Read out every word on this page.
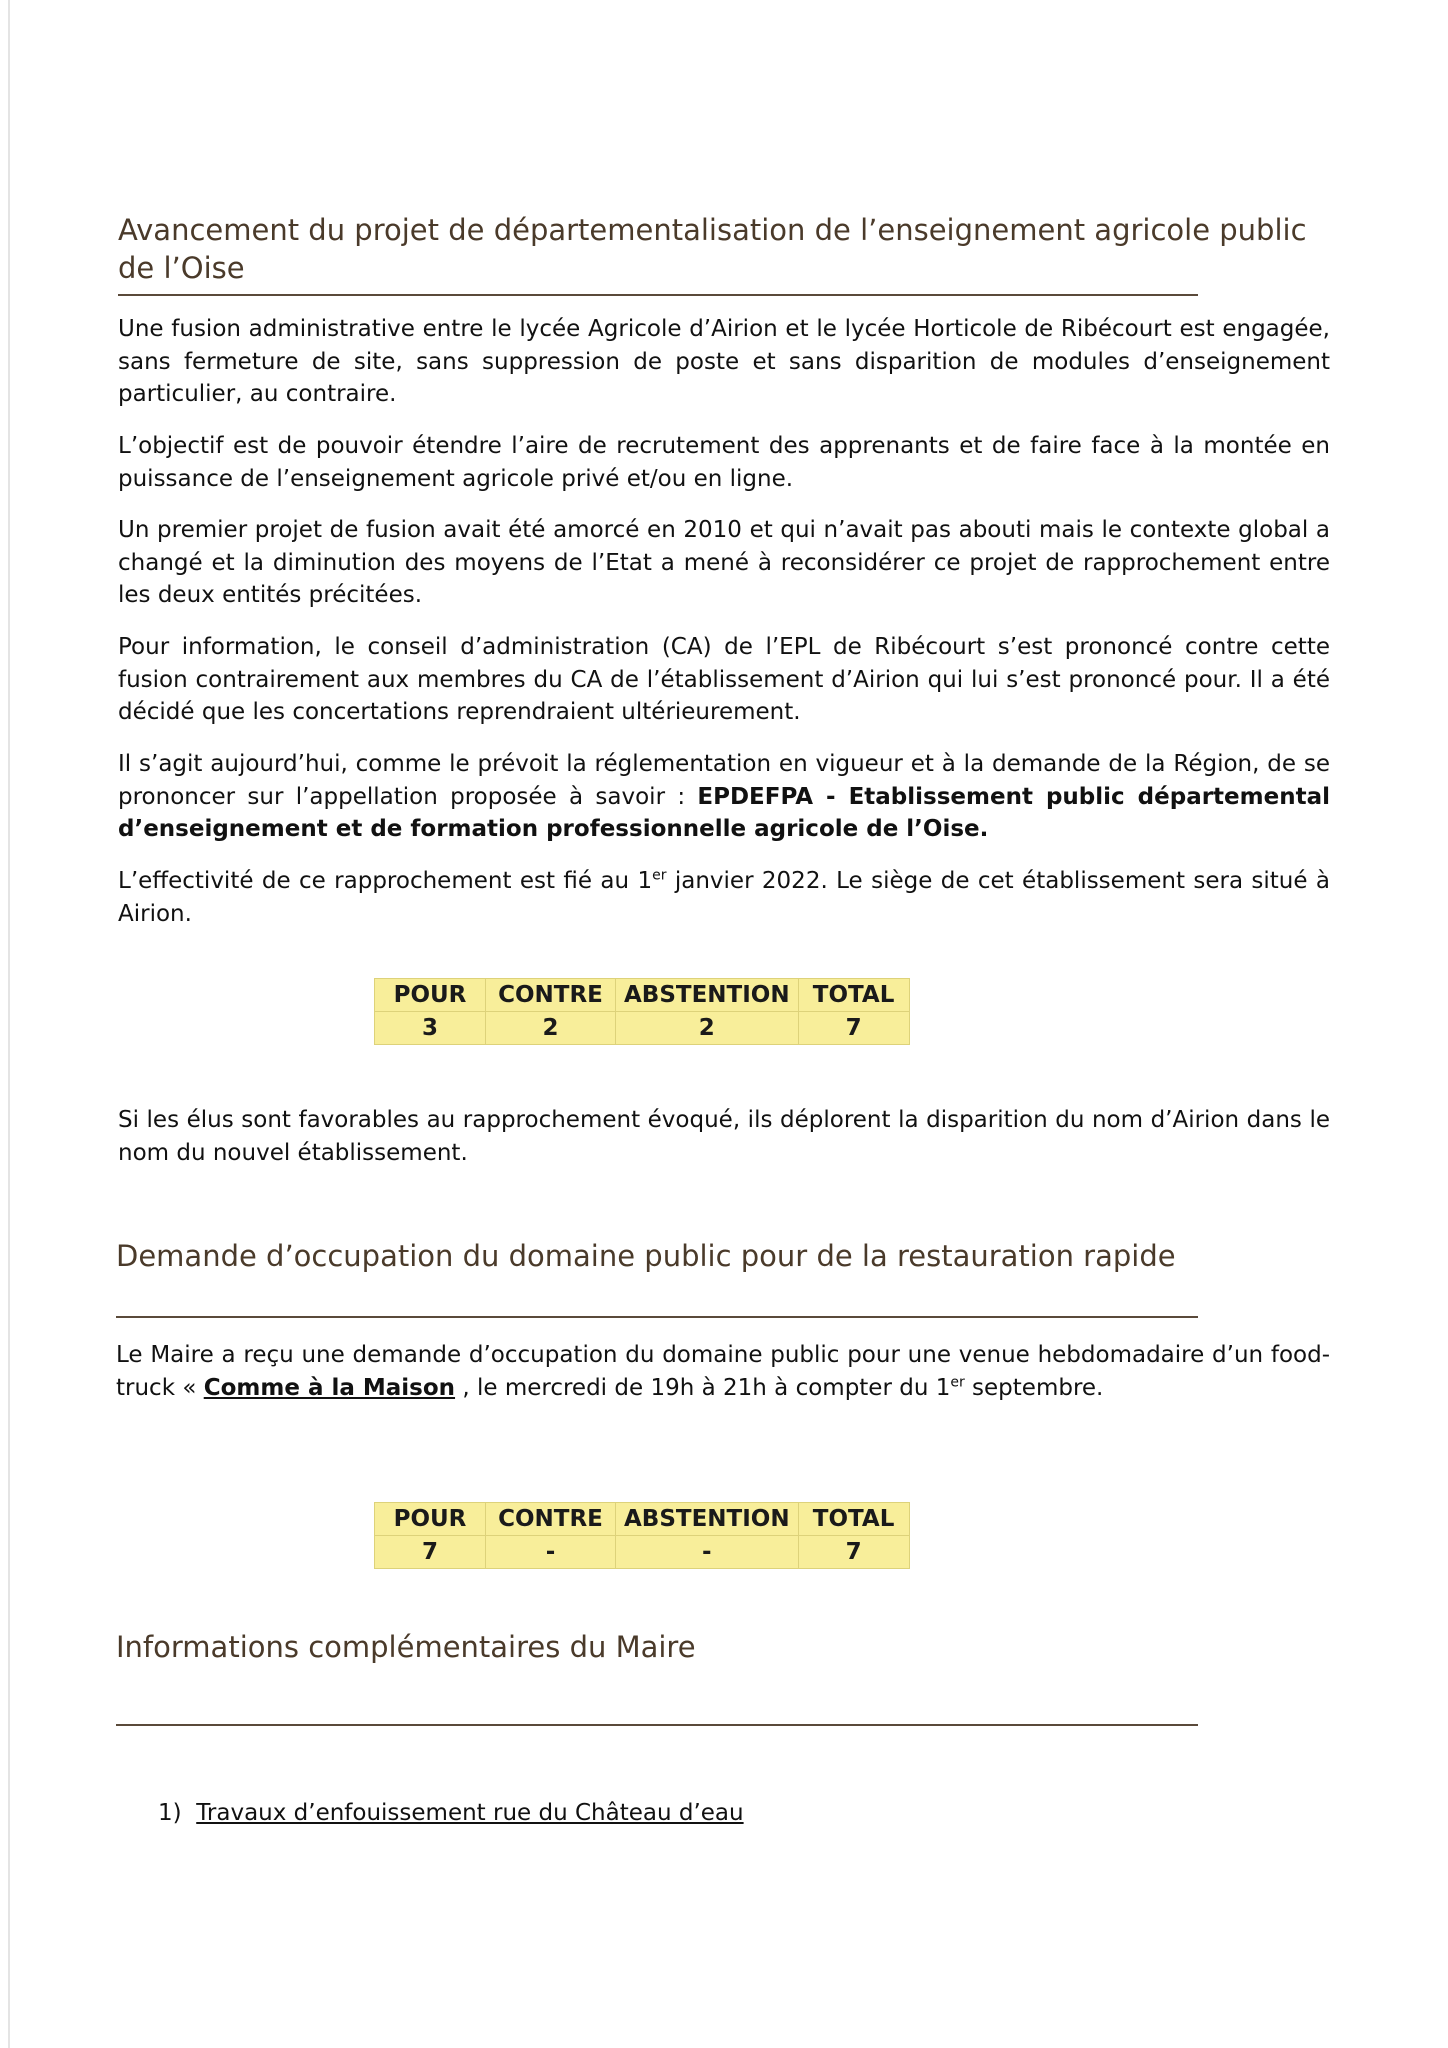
Avancement du projet de départementalisation de l’enseignement agricole public de l’Oise

Une fusion administrative entre le lycée Agricole d’Airion et le lycée Horticole de Ribécourt est engagée, sans fermeture de site, sans suppression de poste et sans disparition de modules d’enseignement particulier, au contraire.

L’objectif est de pouvoir étendre l’aire de recrutement des apprenants et de faire face à la montée en puissance de l’enseignement agricole privé et/ou en ligne.

Un premier projet de fusion avait été amorcé en 2010 et qui n’avait pas abouti mais le contexte global a changé et la diminution des moyens de l’Etat a mené à reconsidérer ce projet de rapprochement entre les deux entités précitées.

Pour information, le conseil d’administration (CA) de l’EPL de Ribécourt s’est prononcé contre cette fusion contrairement aux membres du CA de l’établissement d’Airion qui lui s’est prononcé pour. Il a été décidé que les concertations reprendraient ultérieurement.

Il s’agit aujourd’hui, comme le prévoit la réglementation en vigueur et à la demande de la Région, de se prononcer sur l’appellation proposée à savoir : EPDEFPA - Etablissement public départemental d’enseignement et de formation professionnelle agricole de l’Oise.

L’effectivité de ce rapprochement est fié au 1er janvier 2022. Le siège de cet établissement sera situé à Airion.

POUR	CONTRE	ABSTENTION	TOTAL
3	2	2	7

Si les élus sont favorables au rapprochement évoqué, ils déplorent la disparition du nom d’Airion dans le nom du nouvel établissement.

Demande d’occupation du domaine public pour de la restauration rapide

Le Maire a reçu une demande d’occupation du domaine public pour une venue hebdomadaire d’un food-truck « Comme à la Maison , le mercredi de 19h à 21h à compter du 1er septembre.

POUR	CONTRE	ABSTENTION	TOTAL
7	-	-	7
Informations complémentaires du Maire
1) Travaux d’enfouissement rue du Château d’eau
